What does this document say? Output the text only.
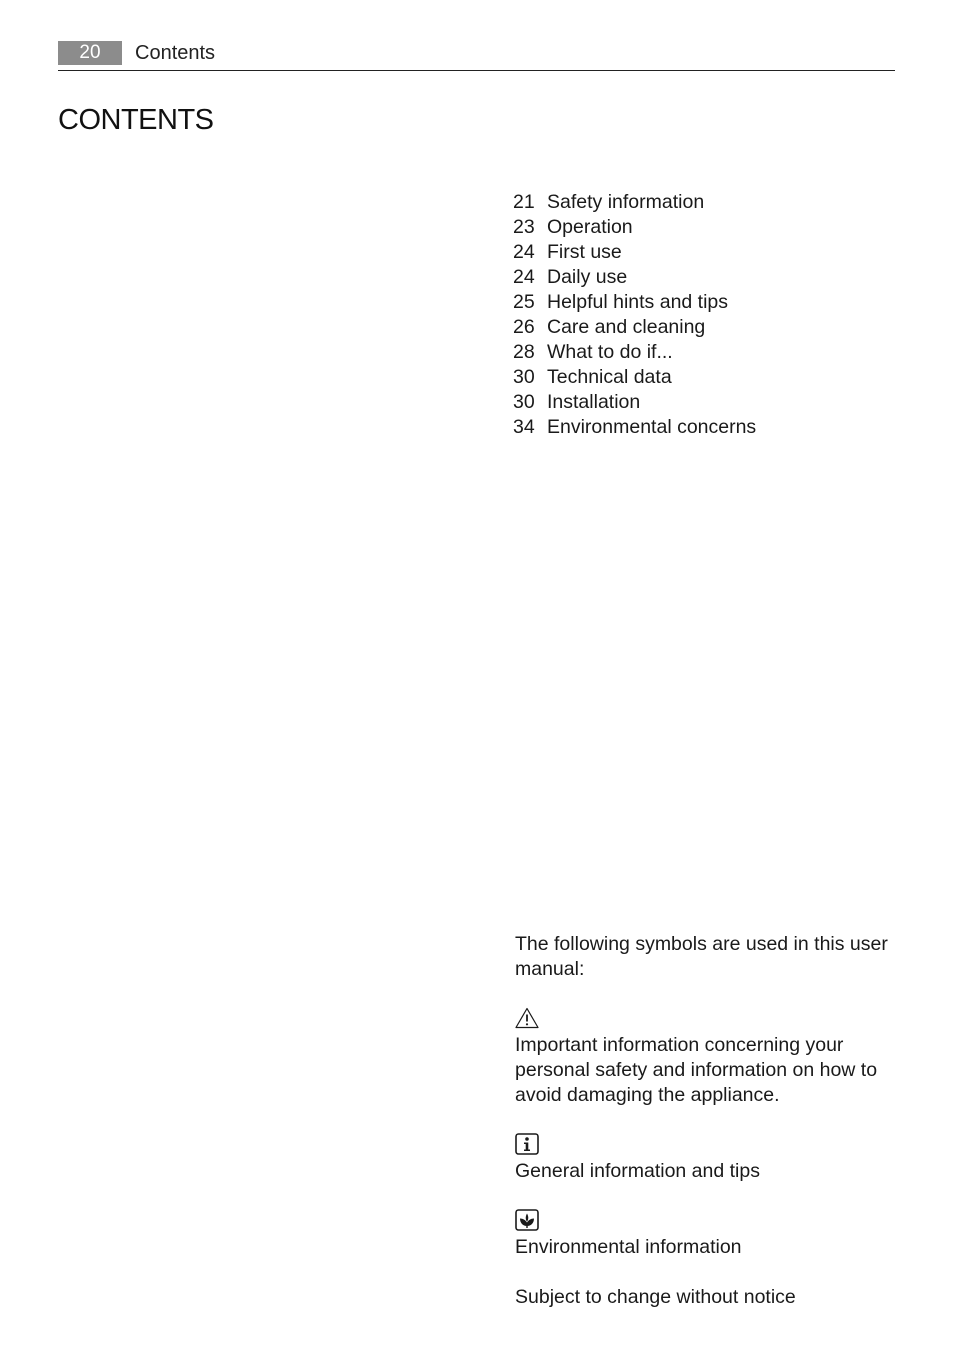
20	Contents
CONTENTS
21 Safety information
23 Operation
24 First use
24 Daily use
25 Helpful hints and tips
26 Care and cleaning
28 What to do if...
30 Technical data
30 Installation
34 Environmental concerns

The following symbols are used in this user manual:

Important information concerning your personal safety and information on how to avoid damaging the appliance.

General information and tips

Environmental information

Subject to change without notice
